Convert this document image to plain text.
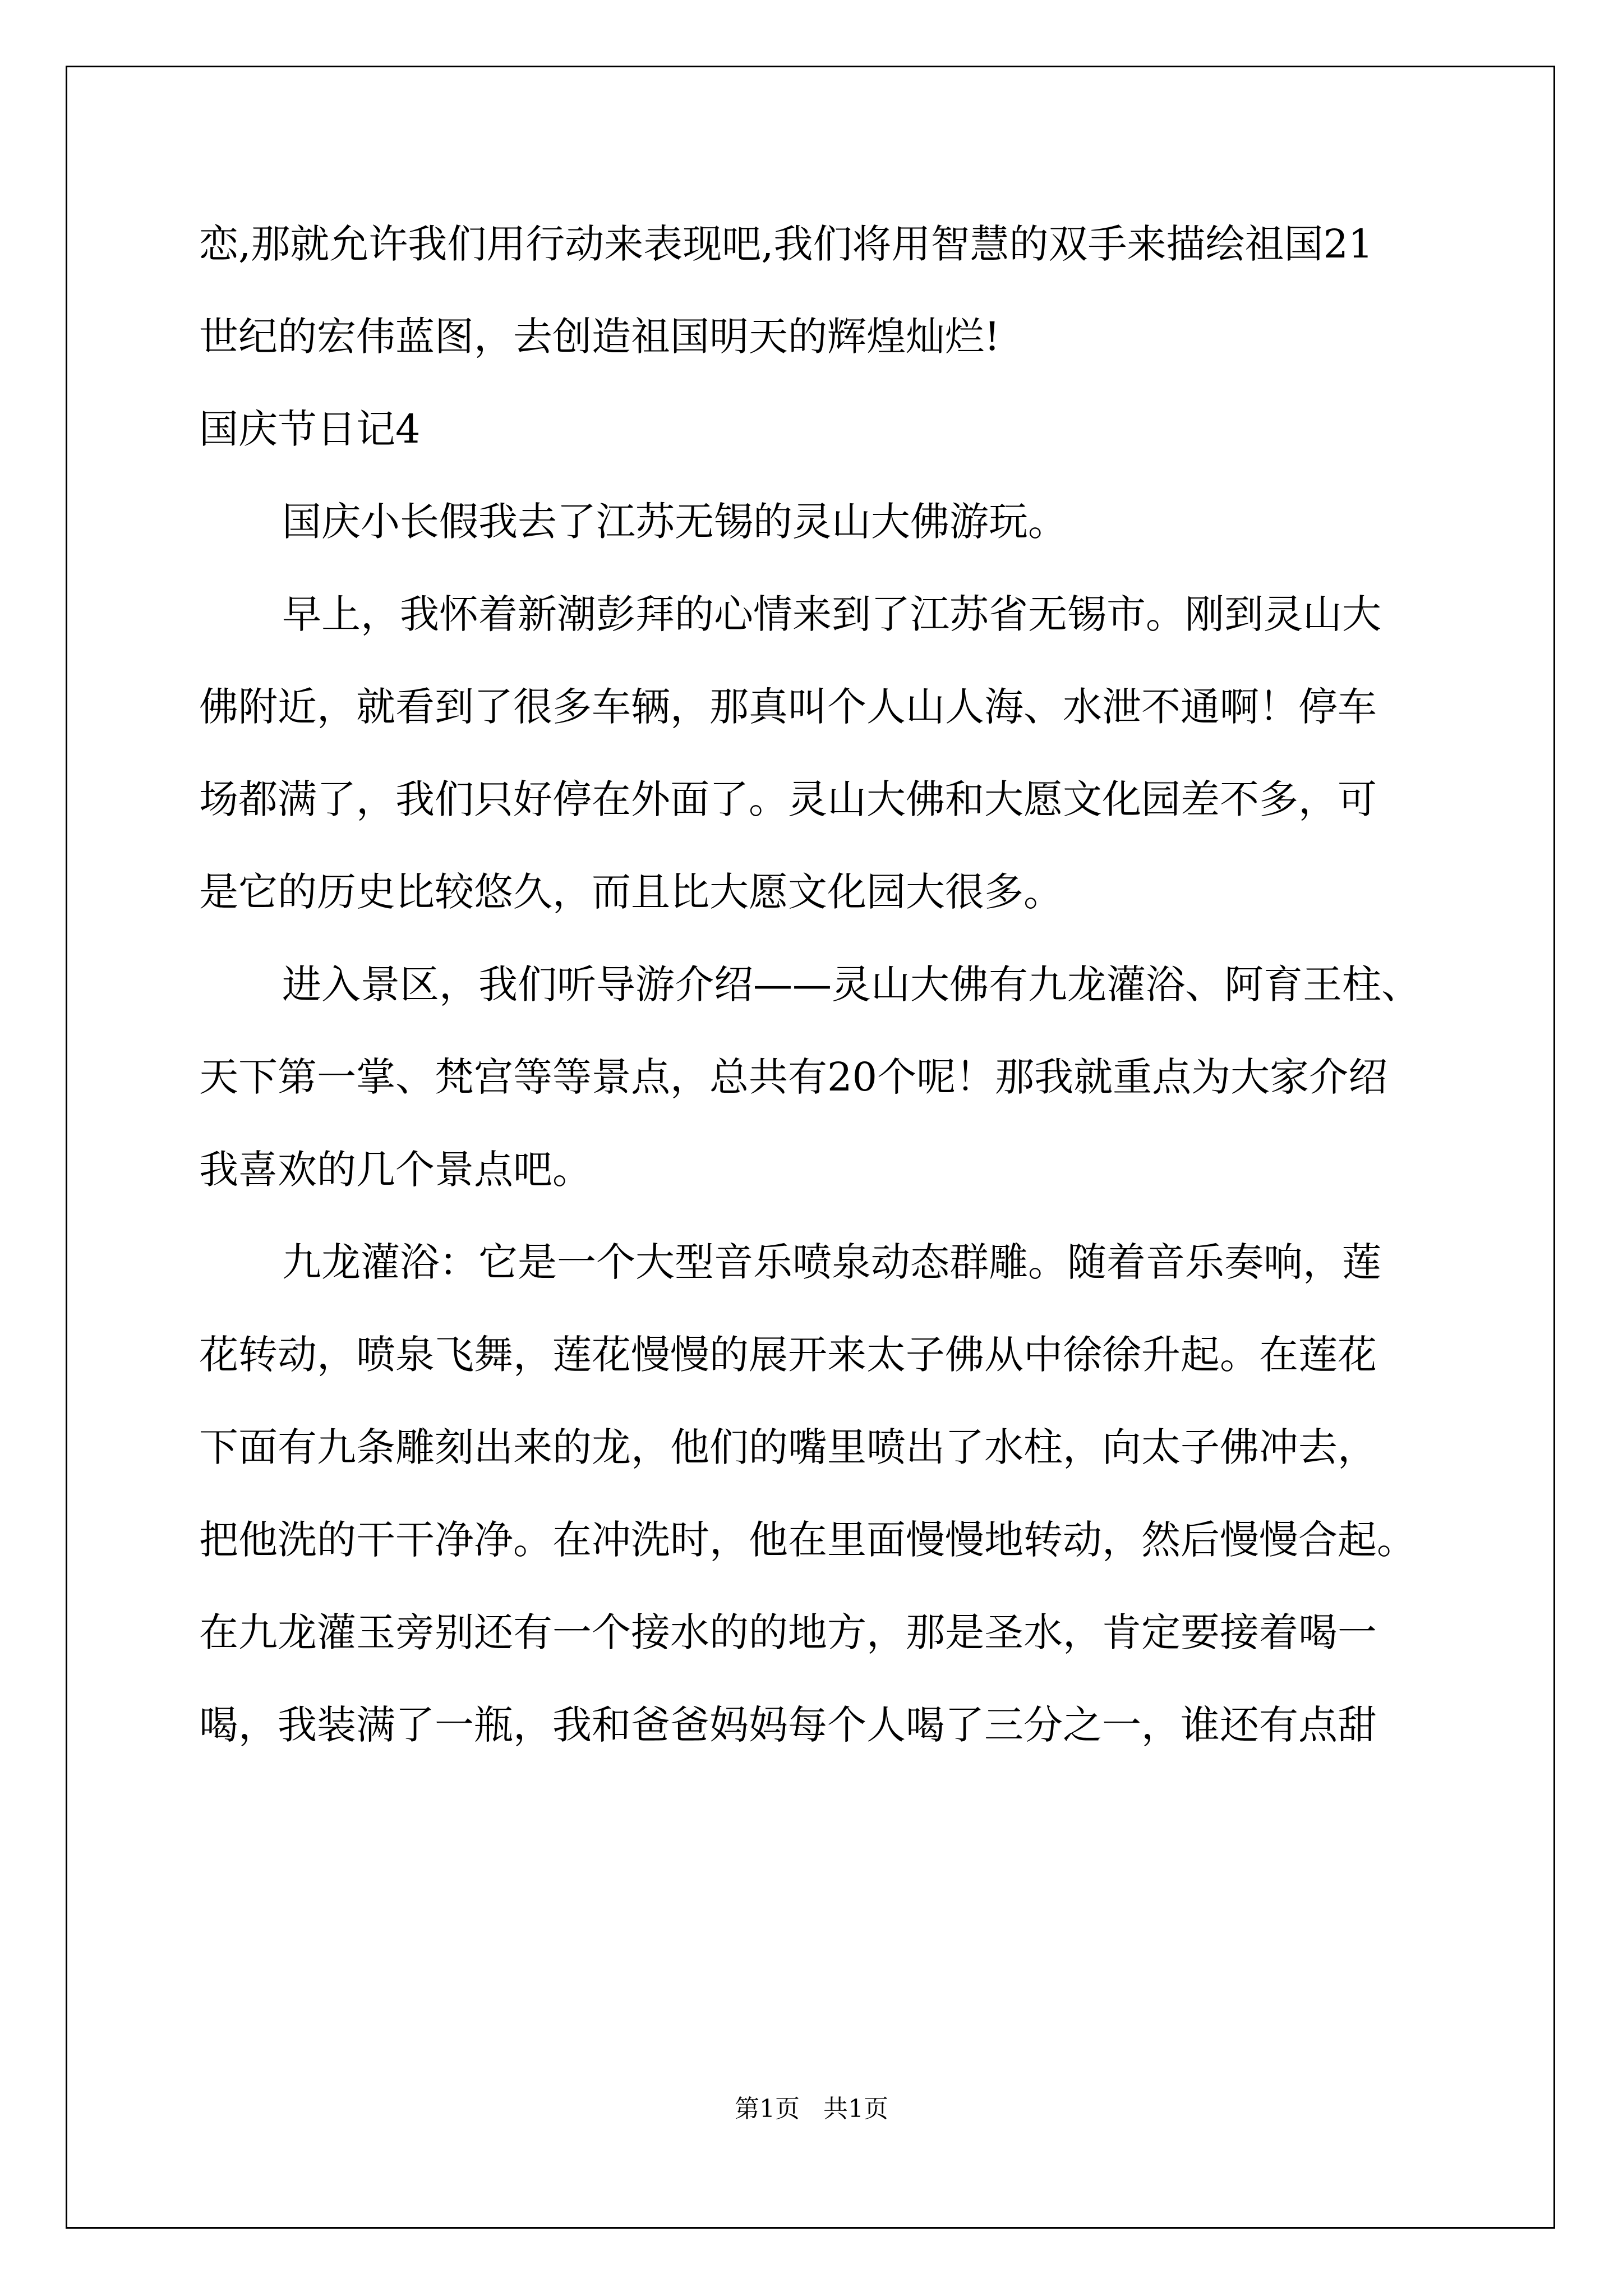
恋,那就允许我们用行动来表现吧,我们将用智慧的双手来描绘祖国21
世纪的宏伟蓝图，去创造祖国明天的辉煌灿烂!
国庆节日记4
国庆小长假我去了江苏无锡的灵山大佛游玩。
早上，我怀着新潮彭拜的心情来到了江苏省无锡市。刚到灵山大
佛附近，就看到了很多车辆，那真叫个人山人海、水泄不通啊！停车
场都满了，我们只好停在外面了。灵山大佛和大愿文化园差不多，可
是它的历史比较悠久，而且比大愿文化园大很多。
进入景区，我们听导游介绍——灵山大佛有九龙灌浴、阿育王柱、
天下第一掌、梵宫等等景点，总共有20个呢！那我就重点为大家介绍
我喜欢的几个景点吧。
九龙灌浴：它是一个大型音乐喷泉动态群雕。随着音乐奏响，莲
花转动，喷泉飞舞，莲花慢慢的展开来太子佛从中徐徐升起。在莲花
下面有九条雕刻出来的龙，他们的嘴里喷出了水柱，向太子佛冲去，
把他洗的干干净净。在冲洗时，他在里面慢慢地转动，然后慢慢合起。
在九龙灌玉旁别还有一个接水的的地方，那是圣水，肯定要接着喝一
喝，我装满了一瓶，我和爸爸妈妈每个人喝了三分之一，谁还有点甜
第1页   共1页
